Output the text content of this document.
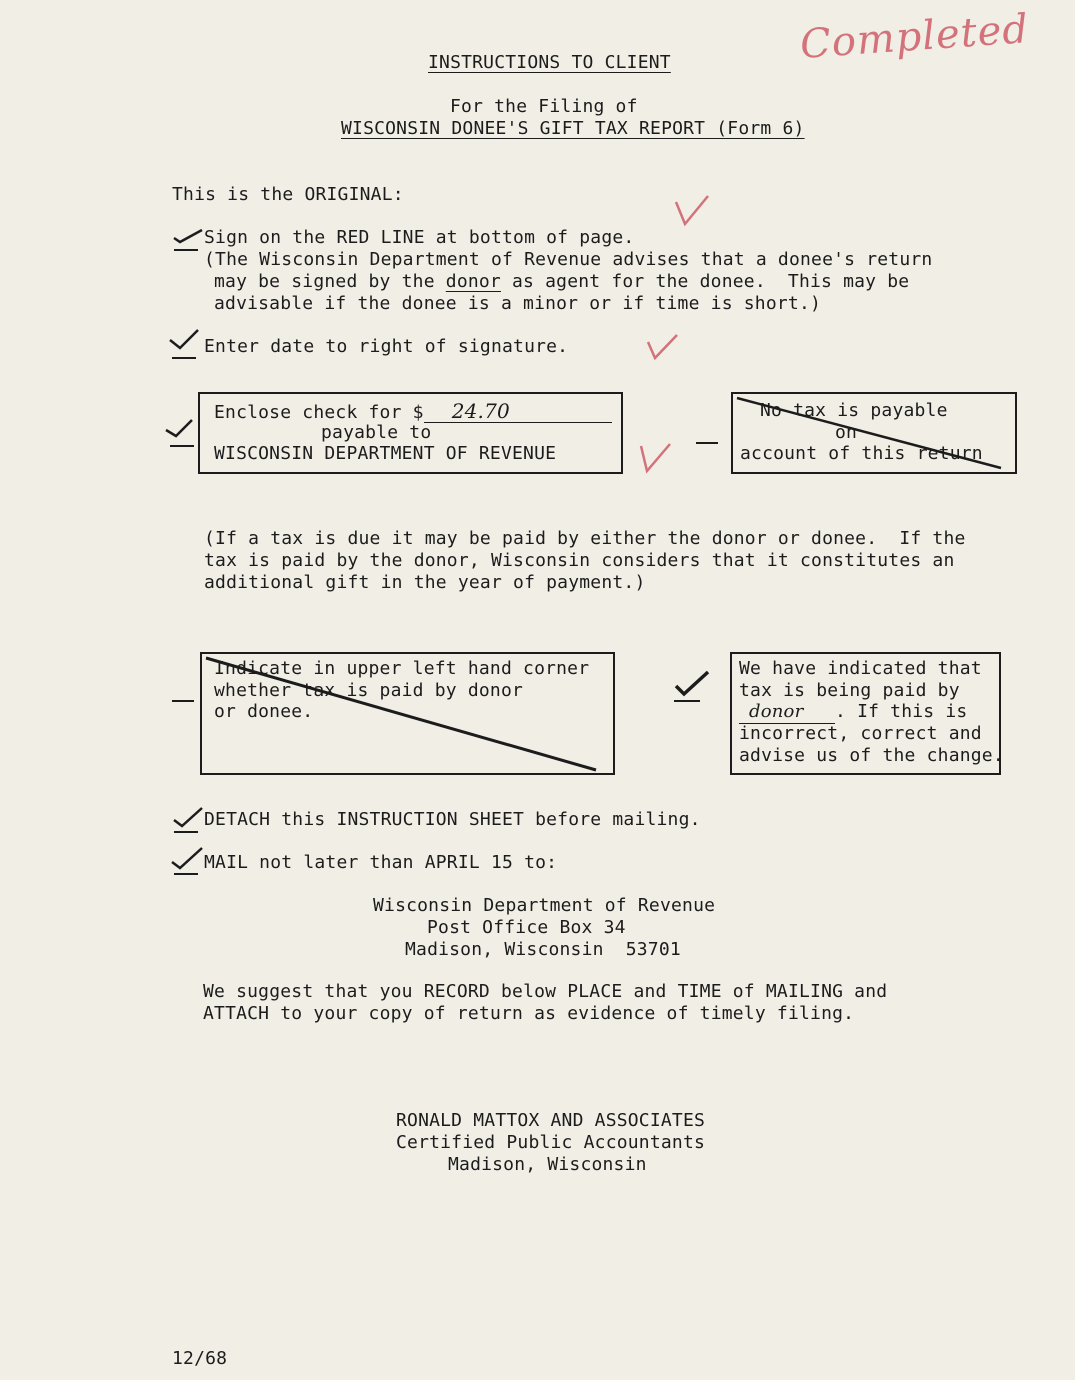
Completed
INSTRUCTIONS TO CLIENT
For the Filing of
WISCONSIN DONEE'S GIFT TAX REPORT (Form 6)
This is the ORIGINAL:
Sign on the RED LINE at bottom of page.
(The Wisconsin Department of Revenue advises that a donee's return
may be signed by the donor as agent for the donee.  This may be
advisable if the donee is a minor or if time is short.)
Enter date to right of signature.
Enclose check for $ 24.70
payable to
WISCONSIN DEPARTMENT OF REVENUE
No tax is payable
on
account of this return
(If a tax is due it may be paid by either the donor or donee.  If the
tax is paid by the donor, Wisconsin considers that it constitutes an
additional gift in the year of payment.)
Indicate in upper left hand corner
whether tax is paid by donor
or donee.
We have indicated that
tax is being paid by
donor . If this is
incorrect, correct and
advise us of the change.
DETACH this INSTRUCTION SHEET before mailing.
MAIL not later than APRIL 15 to:
Wisconsin Department of Revenue
Post Office Box 34
Madison, Wisconsin  53701
We suggest that you RECORD below PLACE and TIME of MAILING and
ATTACH to your copy of return as evidence of timely filing.
RONALD MATTOX AND ASSOCIATES
Certified Public Accountants
Madison, Wisconsin
12/68
